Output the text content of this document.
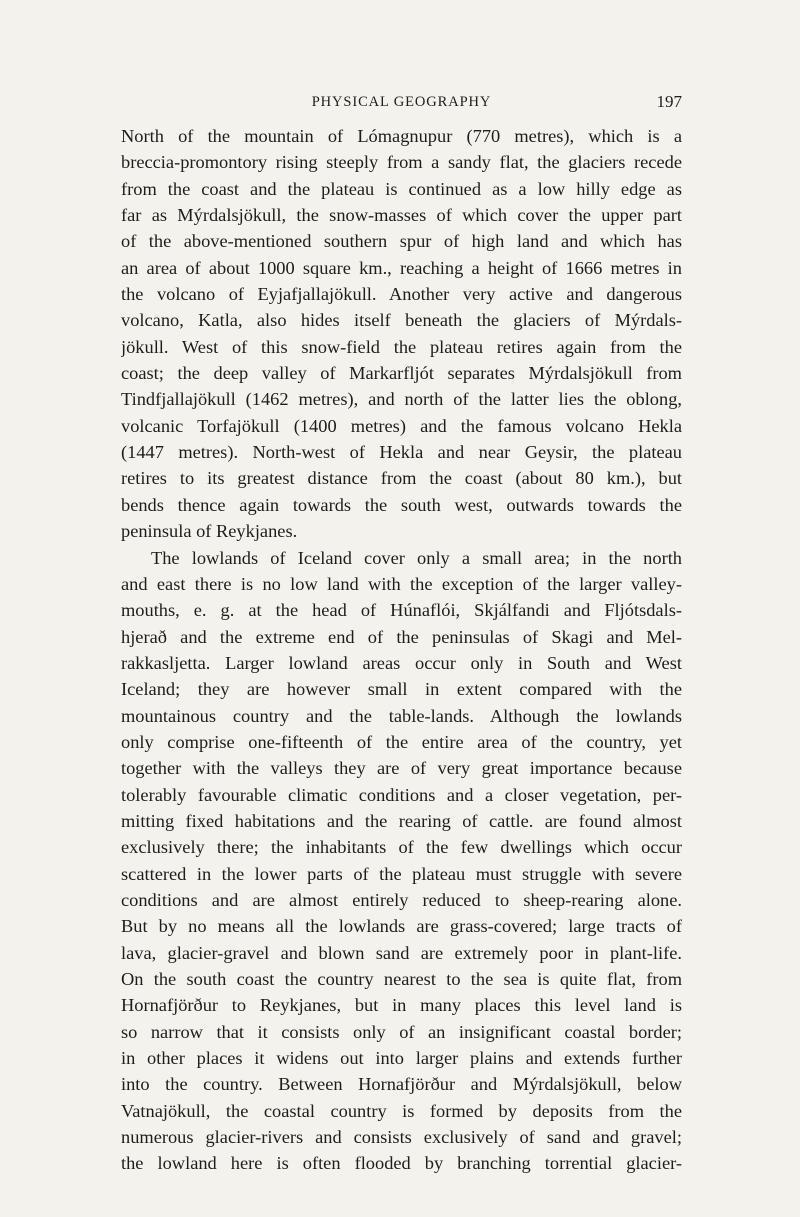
PHYSICAL GEOGRAPHY	197
North of the mountain of Lómagnupur (770 metres), which is a
breccia-promontory rising steeply from a sandy flat, the glaciers recede
from the coast and the plateau is continued as a low hilly edge as
far as Mýrdalsjökull, the snow-masses of which cover the upper part
of the above-mentioned southern spur of high land and which has
an area of about 1000 square km., reaching a height of 1666 metres in
the volcano of Eyjafjallajökull. Another very active and dangerous
volcano, Katla, also hides itself beneath the glaciers of Mýrdals-
jökull. West of this snow-field the plateau retires again from the
coast; the deep valley of Markarfljót separates Mýrdalsjökull from
Tindfjallajökull (1462 metres), and north of the latter lies the oblong,
volcanic Torfajökull (1400 metres) and the famous volcano Hekla
(1447 metres). North-west of Hekla and near Geysir, the plateau
retires to its greatest distance from the coast (about 80 km.), but
bends thence again towards the south west, outwards towards the
peninsula of Reykjanes.
The lowlands of Iceland cover only a small area; in the north
and east there is no low land with the exception of the larger valley-
mouths, e. g. at the head of Húnaflói, Skjálfandi and Fljótsdals-
hjerað and the extreme end of the peninsulas of Skagi and Mel-
rakkasljetta. Larger lowland areas occur only in South and West
Iceland; they are however small in extent compared with the
mountainous country and the table-lands. Although the lowlands
only comprise one-fifteenth of the entire area of the country, yet
together with the valleys they are of very great importance because
tolerably favourable climatic conditions and a closer vegetation, per-
mitting fixed habitations and the rearing of cattle. are found almost
exclusively there; the inhabitants of the few dwellings which occur
scattered in the lower parts of the plateau must struggle with severe
conditions and are almost entirely reduced to sheep-rearing alone.
But by no means all the lowlands are grass-covered; large tracts of
lava, glacier-gravel and blown sand are extremely poor in plant-life.
On the south coast the country nearest to the sea is quite flat, from
Hornafjörður to Reykjanes, but in many places this level land is
so narrow that it consists only of an insignificant coastal border;
in other places it widens out into larger plains and extends further
into the country. Between Hornafjörður and Mýrdalsjökull, below
Vatnajökull, the coastal country is formed by deposits from the
numerous glacier-rivers and consists exclusively of sand and gravel;
the lowland here is often flooded by branching torrential glacier-
